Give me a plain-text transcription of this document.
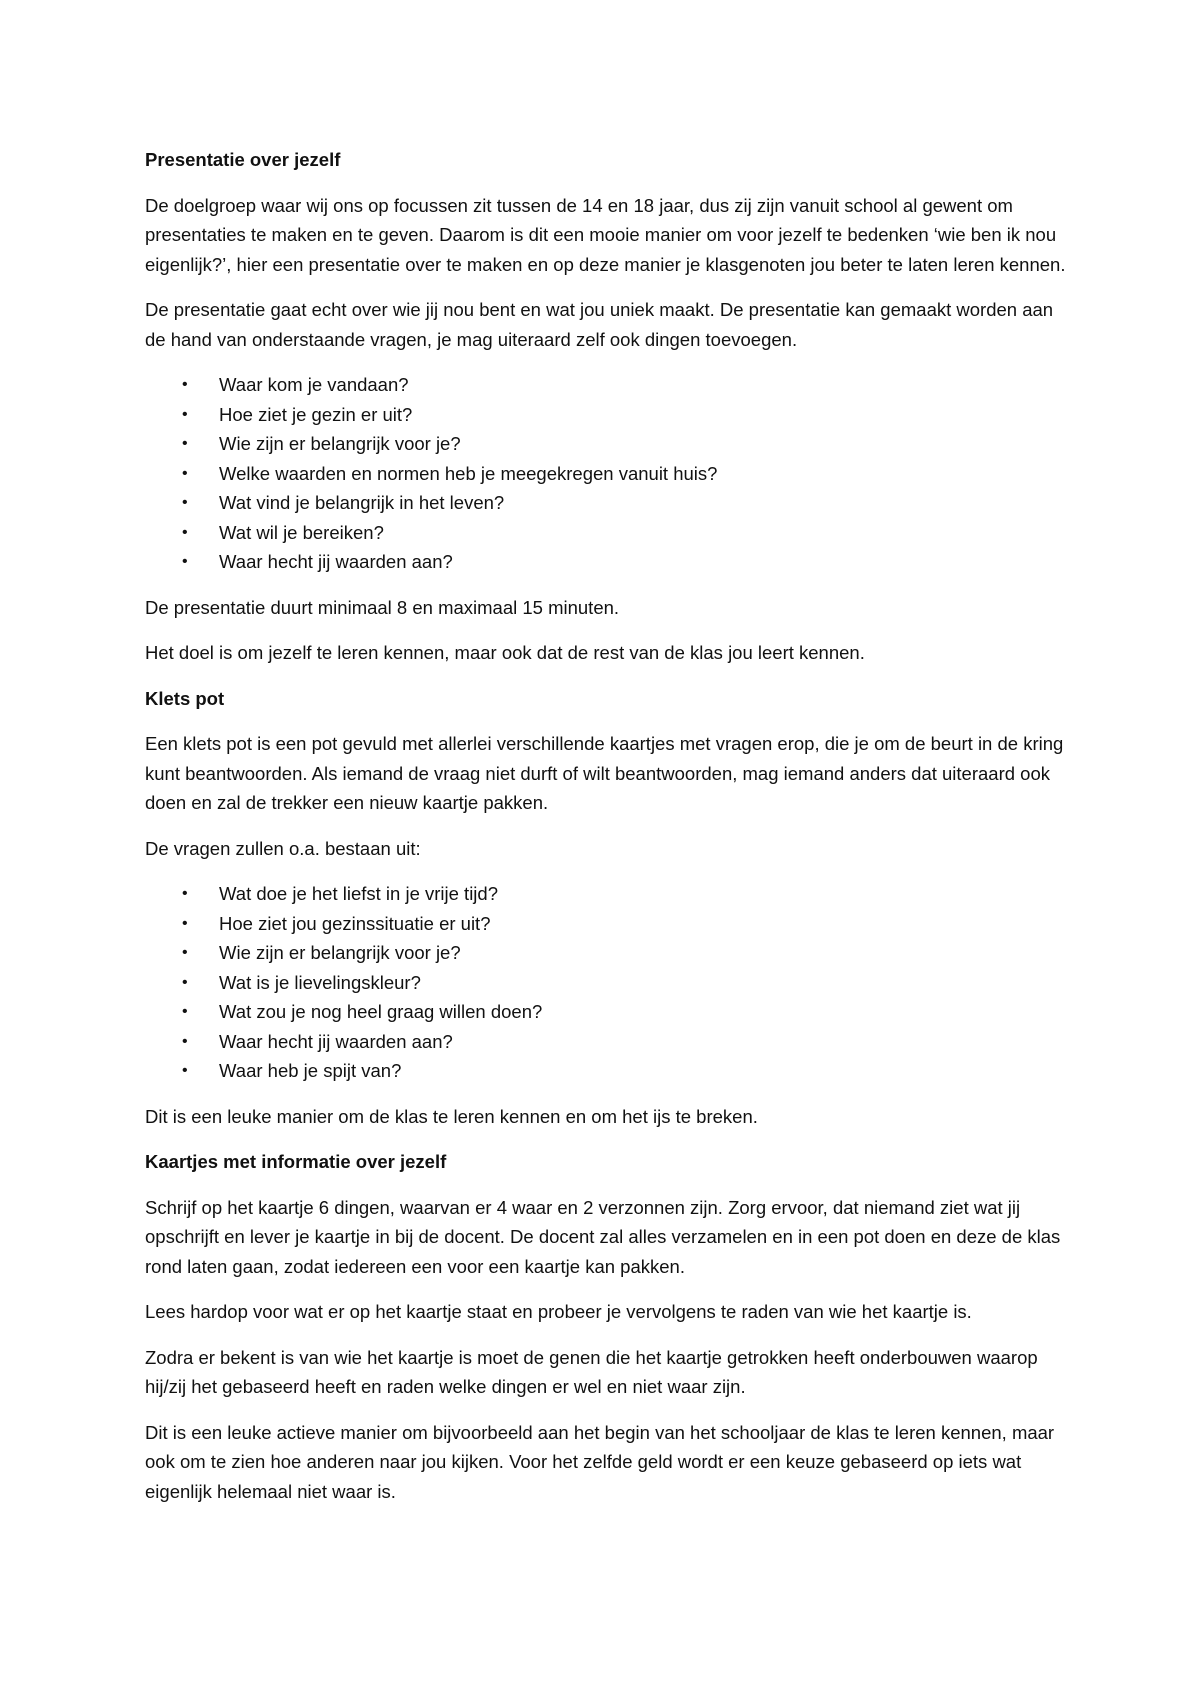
Presentatie over jezelf

De doelgroep waar wij ons op focussen zit tussen de 14 en 18 jaar, dus zij zijn vanuit school al gewent om presentaties te maken en te geven. Daarom is dit een mooie manier om voor jezelf te bedenken ‘wie ben ik nou eigenlijk?’, hier een presentatie over te maken en op deze manier je klasgenoten jou beter te laten leren kennen.

De presentatie gaat echt over wie jij nou bent en wat jou uniek maakt. De presentatie kan gemaakt worden aan de hand van onderstaande vragen, je mag uiteraard zelf ook dingen toevoegen.

• Waar kom je vandaan?
• Hoe ziet je gezin er uit?
• Wie zijn er belangrijk voor je?
• Welke waarden en normen heb je meegekregen vanuit huis?
• Wat vind je belangrijk in het leven?
• Wat wil je bereiken?
• Waar hecht jij waarden aan?

De presentatie duurt minimaal 8 en maximaal 15 minuten.

Het doel is om jezelf te leren kennen, maar ook dat de rest van de klas jou leert kennen.

Klets pot

Een klets pot is een pot gevuld met allerlei verschillende kaartjes met vragen erop, die je om de beurt in de kring kunt beantwoorden. Als iemand de vraag niet durft of wilt beantwoorden, mag iemand anders dat uiteraard ook doen en zal de trekker een nieuw kaartje pakken.

De vragen zullen o.a. bestaan uit:

• Wat doe je het liefst in je vrije tijd?
• Hoe ziet jou gezinssituatie er uit?
• Wie zijn er belangrijk voor je?
• Wat is je lievelingskleur?
• Wat zou je nog heel graag willen doen?
• Waar hecht jij waarden aan?
• Waar heb je spijt van?

Dit is een leuke manier om de klas te leren kennen en om het ijs te breken.

Kaartjes met informatie over jezelf

Schrijf op het kaartje 6 dingen, waarvan er 4 waar en 2 verzonnen zijn. Zorg ervoor, dat niemand ziet wat jij opschrijft en lever je kaartje in bij de docent. De docent zal alles verzamelen en in een pot doen en deze de klas rond laten gaan, zodat iedereen een voor een kaartje kan pakken.

Lees hardop voor wat er op het kaartje staat en probeer je vervolgens te raden van wie het kaartje is.

Zodra er bekent is van wie het kaartje is moet de genen die het kaartje getrokken heeft onderbouwen waarop hij/zij het gebaseerd heeft en raden welke dingen er wel en niet waar zijn.

Dit is een leuke actieve manier om bijvoorbeeld aan het begin van het schooljaar de klas te leren kennen, maar ook om te zien hoe anderen naar jou kijken. Voor het zelfde geld wordt er een keuze gebaseerd op iets wat eigenlijk helemaal niet waar is.
